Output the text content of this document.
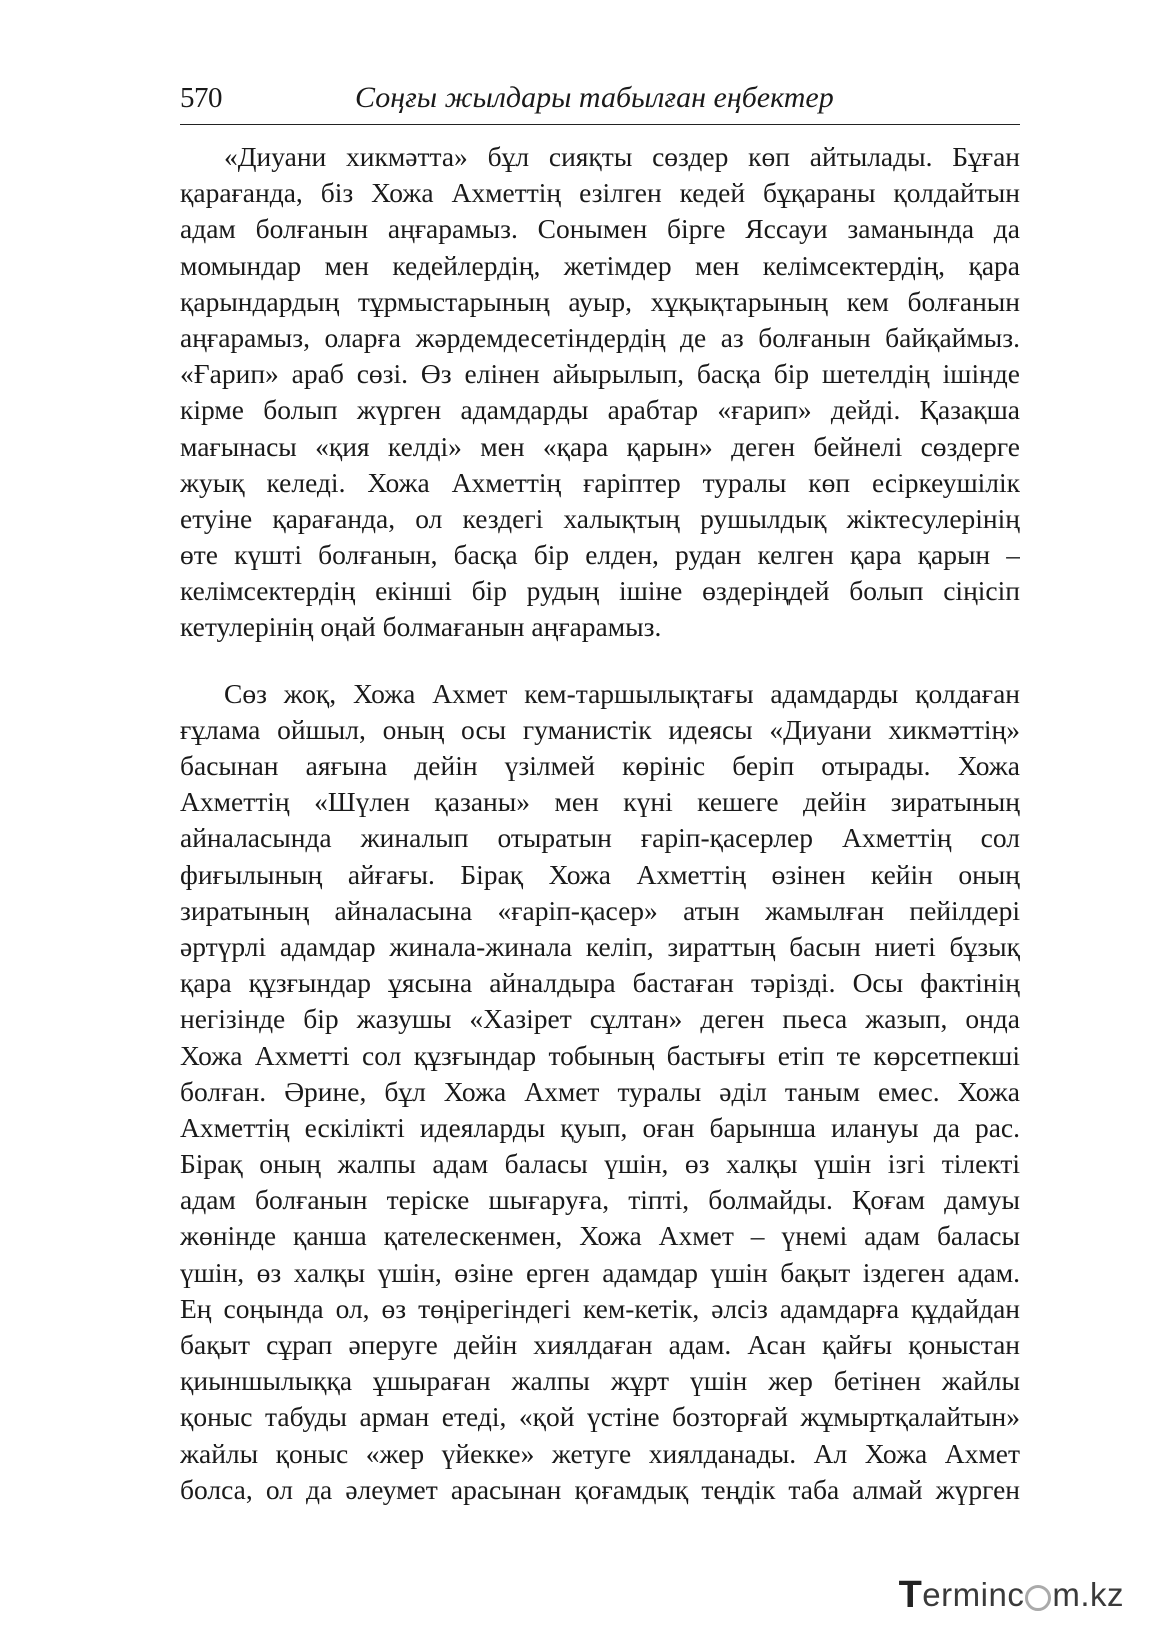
570	Соңғы жылдары табылған еңбектер
«Диуани хикмәтта» бұл сияқты сөздер көп айтылады. Бұған
қарағанда, біз Хожа Ахметтің езілген кедей бұқараны қолдайтын
адам болғанын аңғарамыз. Сонымен бірге Яссауи заманында да
момындар мен кедейлердің, жетімдер мен келімсектердің, қара
қарындардың тұрмыстарының ауыр, хұқықтарының кем болғанын
аңғарамыз, оларға жәрдемдесетіндердің де аз болғанын байқаймыз.
«Ғарип» араб сөзі. Өз елінен айырылып, басқа бір шетелдің ішінде
кірме болып жүрген адамдарды арабтар «ғарип» дейді. Қазақша
мағынасы «қия келді» мен «қара қарын» деген бейнелі сөздерге
жуық келеді. Хожа Ахметтің ғаріптер туралы көп есіркеушілік
етуіне қарағанда, ол кездегі халықтың рушылдық жіктесулерінің
өте күшті болғанын, басқа бір елден, рудан келген қара қарын –
келімсектердің екінші бір рудың ішіне өздеріңдей болып сіңісіп
кетулерінің оңай болмағанын аңғарамыз.
Сөз жоқ, Хожа Ахмет кем-таршылықтағы адамдарды қолдаған
ғұлама ойшыл, оның осы гуманистік идеясы «Диуани хикмәттің»
басынан аяғына дейін үзілмей көрініс беріп отырады. Хожа
Ахметтің «Шүлен қазаны» мен күні кешеге дейін зиратының
айналасында жиналып отыратын ғаріп-қасерлер Ахметтің сол
фиғылының айғағы. Бірақ Хожа Ахметтің өзінен кейін оның
зиратының айналасына «ғаріп-қасер» атын жамылған пейілдері
әртүрлі адамдар жинала-жинала келіп, зираттың басын ниеті бұзық
қара құзғындар ұясына айналдыра бастаған тәрізді. Осы фактінің
негізінде бір жазушы «Хазірет сұлтан» деген пьеса жазып, онда
Хожа Ахметті сол құзғындар тобының бастығы етіп те көрсетпекші
болған. Әрине, бұл Хожа Ахмет туралы әділ таным емес. Хожа
Ахметтің ескілікті идеяларды қуып, оған барынша илануы да рас.
Бірақ оның жалпы адам баласы үшін, өз халқы үшін ізгі тілекті
адам болғанын теріске шығаруға, тіпті, болмайды. Қоғам дамуы
жөнінде қанша қателескенмен, Хожа Ахмет – үнемі адам баласы
үшін, өз халқы үшін, өзіне ерген адамдар үшін бақыт іздеген адам.
Ең соңында ол, өз төңірегіндегі кем-кетік, әлсіз адамдарға құдайдан
бақыт сұрап әперуге дейін хиялдаған адам. Асан қайғы қоныстан
қиыншылыққа ұшыраған жалпы жұрт үшін жер бетінен жайлы
қоныс табуды арман етеді, «қой үстіне бозторғай жұмыртқалайтын»
жайлы қоныс «жер үйекке» жетуге хиялданады. Ал Хожа Ахмет
болса, ол да әлеумет арасынан қоғамдық теңдік таба алмай жүрген
T erminc m.kz
